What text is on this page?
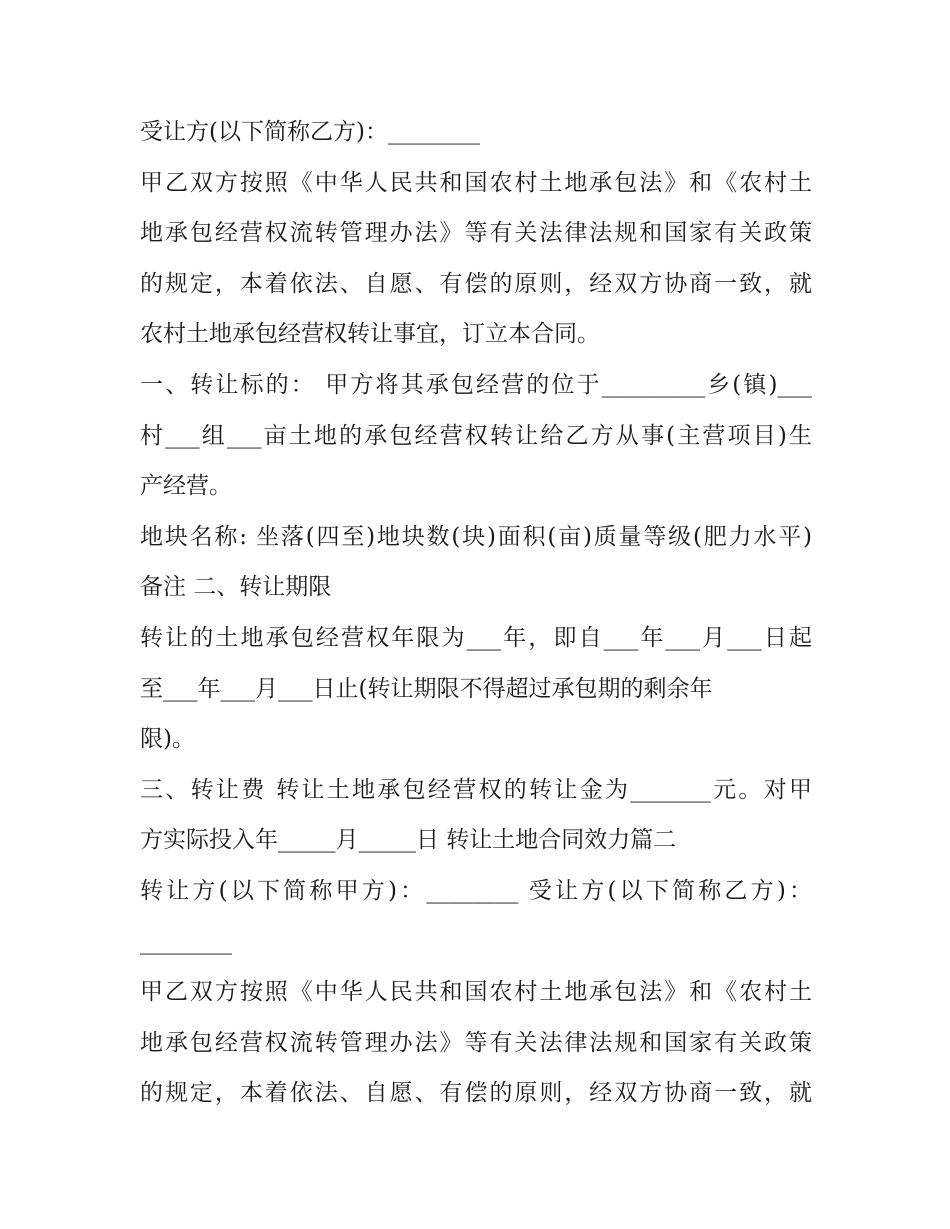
受让方(以下简称乙方)：________
甲乙双方按照《中华人民共和国农村土地承包法》和《农村土
地承包经营权流转管理办法》等有关法律法规和国家有关政策
的规定，本着依法、自愿、有偿的原则，经双方协商一致，就
农村土地承包经营权转让事宜，订立本合同。
一、转让标的： 甲方将其承包经营的位于_________乡(镇)___
村___组___亩土地的承包经营权转让给乙方从事(主营项目)生
产经营。
地块名称: 坐落(四至)地块数(块)面积(亩)质量等级(肥力水平)
备注 二、转让期限
转让的土地承包经营权年限为___年，即自___年___月___日起
至___年___月___日止(转让期限不得超过承包期的剩余年
限)。
三、转让费 转让土地承包经营权的转让金为_______元。对甲
方实际投入年_____月_____日 转让土地合同效力篇二
转让方(以下简称甲方)：________ 受让方(以下简称乙方)：
________
甲乙双方按照《中华人民共和国农村土地承包法》和《农村土
地承包经营权流转管理办法》等有关法律法规和国家有关政策
的规定，本着依法、自愿、有偿的原则，经双方协商一致，就
